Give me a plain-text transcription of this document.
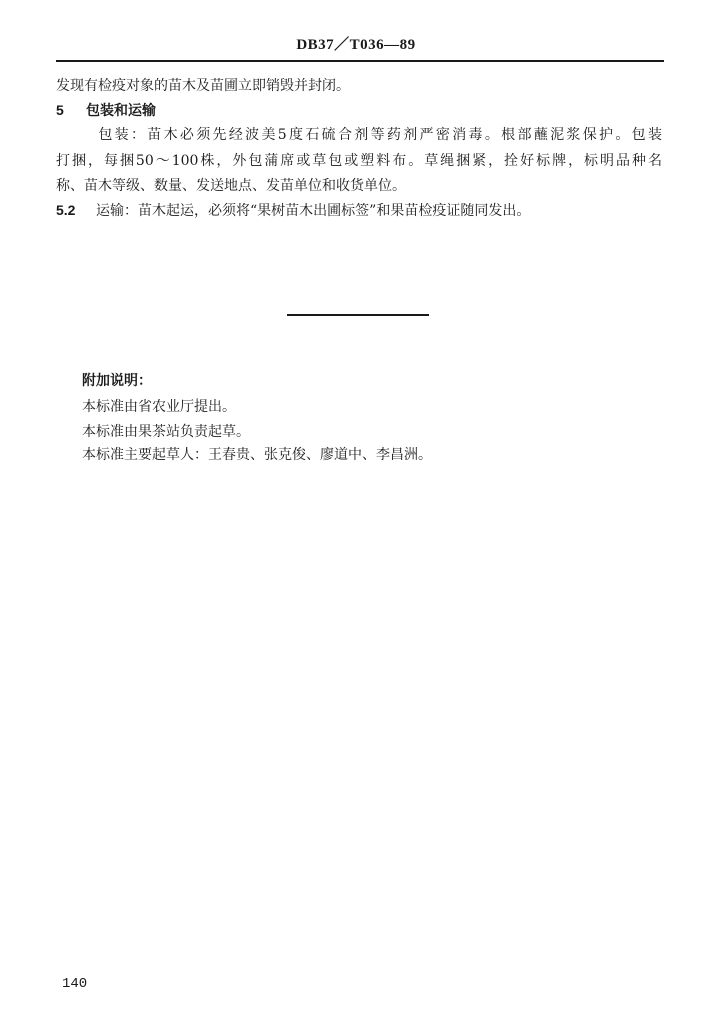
DB37／T036—89
发现有检疫对象的苗木及苗圃立即销毁并封闭。
5 包装和运输
包装：苗木必须先经波美5度石硫合剂等药剂严密消毒。根部蘸泥浆保护。包装
打捆，每捆50～100株，外包蒲席或草包或塑料布。草绳捆紧，拴好标牌，标明品种名
称、苗木等级、数量、发送地点、发苗单位和收货单位。
5.2 运输：苗木起运，必须将“果树苗木出圃标签”和果苗检疫证随同发出。
附加说明：
本标准由省农业厅提出。
本标准由果茶站负责起草。
本标准主要起草人：王春贵、张克俊、廖道中、李昌洲。
140
